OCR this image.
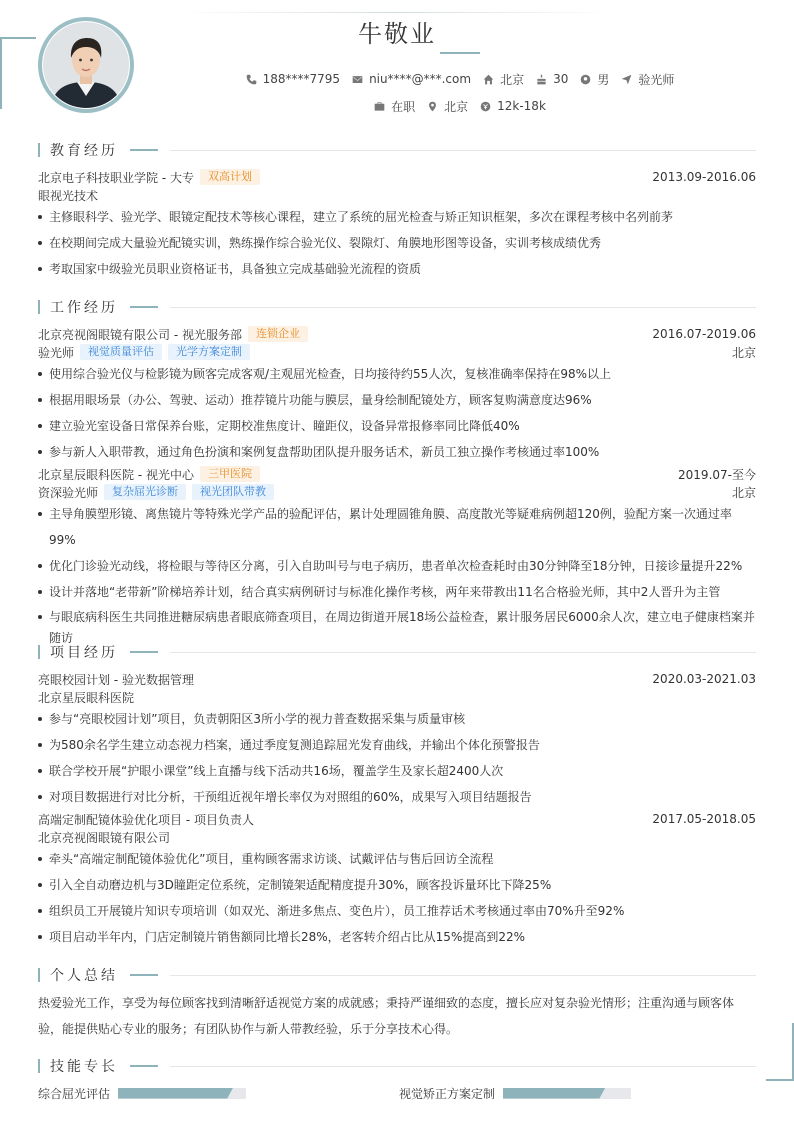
牛敬业
188****7795 niu****@***.com 北京 30 男 验光师
在职 北京 12k-18k
教育经历
北京电子科技职业学院 - 大专	双高计划	2013.09-2016.06
眼视光技术
主修眼科学、验光学、眼镜定配技术等核心课程，建立了系统的屈光检查与矫正知识框架，多次在课程考核中名列前茅
在校期间完成大量验光配镜实训，熟练操作综合验光仪、裂隙灯、角膜地形图等设备，实训考核成绩优秀
考取国家中级验光员职业资格证书，具备独立完成基础验光流程的资质
工作经历
北京亮视阁眼镜有限公司 - 视光服务部	连锁企业	2016.07-2019.06
验光师	视觉质量评估	光学方案定制	北京
使用综合验光仪与检影镜为顾客完成客观/主观屈光检查，日均接待约55人次，复核准确率保持在98%以上
根据用眼场景（办公、驾驶、运动）推荐镜片功能与膜层，量身绘制配镜处方，顾客复购满意度达96%
建立验光室设备日常保养台账，定期校准焦度计、瞳距仪，设备异常报修率同比降低40%
参与新人入职带教，通过角色扮演和案例复盘帮助团队提升服务话术，新员工独立操作考核通过率100%
北京星辰眼科医院 - 视光中心	三甲医院	2019.07-至今
资深验光师	复杂屈光诊断	视光团队带教	北京
主导角膜塑形镜、离焦镜片等特殊光学产品的验配评估，累计处理圆锥角膜、高度散光等疑难病例超120例，验配方案一次通过率99%
优化门诊验光动线，将检眼与等待区分离，引入自助叫号与电子病历，患者单次检查耗时由30分钟降至18分钟，日接诊量提升22%
设计并落地“老带新”阶梯培养计划，结合真实病例研讨与标准化操作考核，两年来带教出11名合格验光师，其中2人晋升为主管
与眼底病科医生共同推进糖尿病患者眼底筛查项目，在周边街道开展18场公益检查，累计服务居民6000余人次，建立电子健康档案并随访
项目经历
亮眼校园计划 - 验光数据管理	2020.03-2021.03
北京星辰眼科医院
参与“亮眼校园计划”项目，负责朝阳区3所小学的视力普查数据采集与质量审核
为580余名学生建立动态视力档案，通过季度复测追踪屈光发育曲线，并输出个体化预警报告
联合学校开展“护眼小课堂”线上直播与线下活动共16场，覆盖学生及家长超2400人次
对项目数据进行对比分析，干预组近视年增长率仅为对照组的60%，成果写入项目结题报告
高端定制配镜体验优化项目 - 项目负责人	2017.05-2018.05
北京亮视阁眼镜有限公司
牵头“高端定制配镜体验优化”项目，重构顾客需求访谈、试戴评估与售后回访全流程
引入全自动磨边机与3D瞳距定位系统，定制镜架适配精度提升30%，顾客投诉量环比下降25%
组织员工开展镜片知识专项培训（如双光、渐进多焦点、变色片），员工推荐话术考核通过率由70%升至92%
项目启动半年内，门店定制镜片销售额同比增长28%，老客转介绍占比从15%提高到22%
个人总结
热爱验光工作，享受为每位顾客找到清晰舒适视觉方案的成就感；秉持严谨细致的态度，擅长应对复杂验光情形；注重沟通与顾客体验，能提供贴心专业的服务；有团队协作与新人带教经验，乐于分享技术心得。
技能专长
综合屈光评估	视觉矫正方案定制
